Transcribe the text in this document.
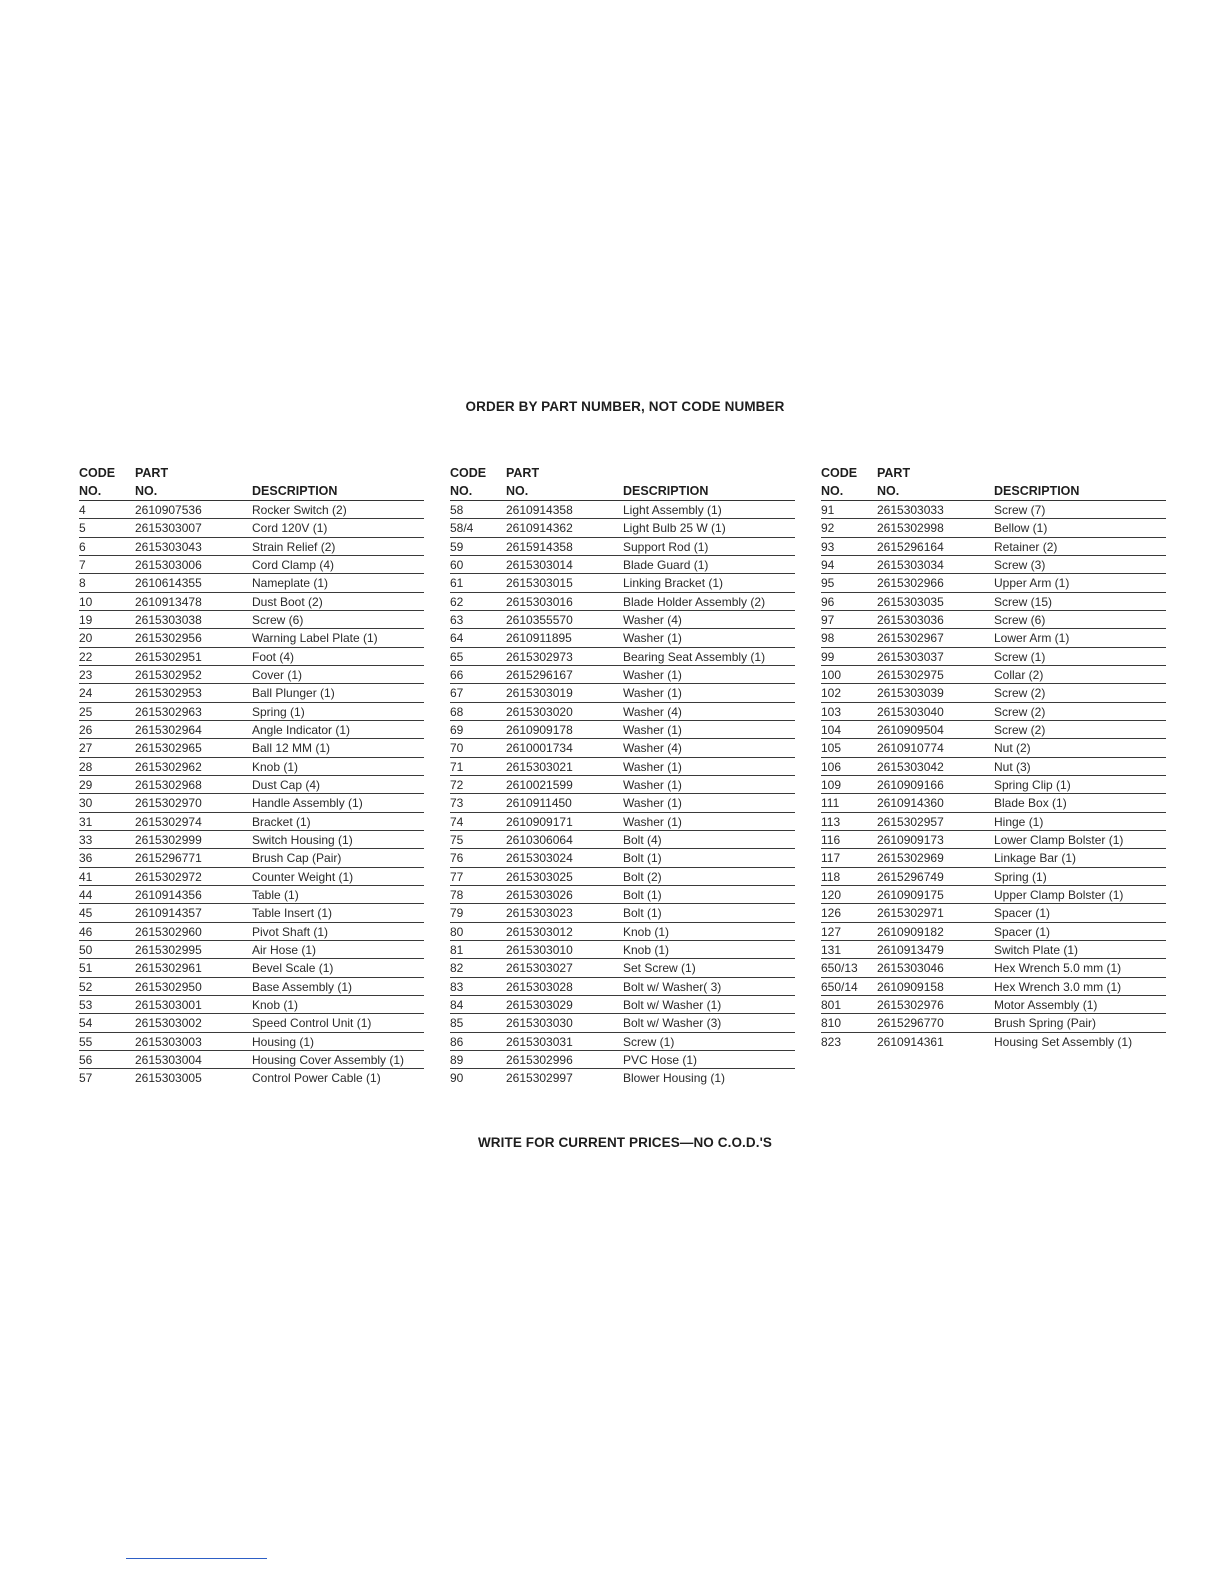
ORDER BY PART NUMBER, NOT CODE NUMBER
CODE
NO.
PART
NO.	DESCRIPTION
4	2610907536	Rocker Switch (2)
5	2615303007	Cord 120V (1)
6	2615303043	Strain Relief (2)
7	2615303006	Cord Clamp (4)
8	2610614355	Nameplate (1)
10	2610913478	Dust Boot (2)
19	2615303038	Screw (6)
20	2615302956	Warning Label Plate (1)
22	2615302951	Foot (4)
23	2615302952	Cover (1)
24	2615302953	Ball Plunger (1)
25	2615302963	Spring (1)
26	2615302964	Angle Indicator (1)
27	2615302965	Ball 12 MM (1)
28	2615302962	Knob (1)
29	2615302968	Dust Cap (4)
30	2615302970	Handle Assembly (1)
31	2615302974	Bracket (1)
33	2615302999	Switch Housing (1)
36	2615296771	Brush Cap (Pair)
41	2615302972	Counter Weight (1)
44	2610914356	Table (1)
45	2610914357	Table Insert (1)
46	2615302960	Pivot Shaft (1)
50	2615302995	Air Hose (1)
51	2615302961	Bevel Scale (1)
52	2615302950	Base Assembly (1)
53	2615303001	Knob (1)
54	2615303002	Speed Control Unit (1)
55	2615303003	Housing (1)
56	2615303004	Housing Cover Assembly (1)
57	2615303005	Control Power Cable (1)
CODE
NO.
PART
NO.	DESCRIPTION
58	2610914358	Light Assembly (1)
58/4	2610914362	Light Bulb 25 W (1)
59	2615914358	Support Rod (1)
60	2615303014	Blade Guard (1)
61	2615303015	Linking Bracket (1)
62	2615303016	Blade Holder Assembly (2)
63	2610355570	Washer (4)
64	2610911895	Washer (1)
65	2615302973	Bearing Seat Assembly (1)
66	2615296167	Washer (1)
67	2615303019	Washer (1)
68	2615303020	Washer (4)
69	2610909178	Washer (1)
70	2610001734	Washer (4)
71	2615303021	Washer (1)
72	2610021599	Washer (1)
73	2610911450	Washer (1)
74	2610909171	Washer (1)
75	2610306064	Bolt (4)
76	2615303024	Bolt (1)
77	2615303025	Bolt (2)
78	2615303026	Bolt (1)
79	2615303023	Bolt (1)
80	2615303012	Knob (1)
81	2615303010	Knob (1)
82	2615303027	Set Screw (1)
83	2615303028	Bolt w/ Washer( 3)
84	2615303029	Bolt w/ Washer (1)
85	2615303030	Bolt w/ Washer (3)
86	2615303031	Screw (1)
89	2615302996	PVC Hose (1)
90	2615302997	Blower Housing (1)
CODE
NO.
PART
NO.	DESCRIPTION
91	2615303033	Screw (7)
92	2615302998	Bellow (1)
93	2615296164	Retainer (2)
94	2615303034	Screw (3)
95	2615302966	Upper Arm (1)
96	2615303035	Screw (15)
97	2615303036	Screw (6)
98	2615302967	Lower Arm (1)
99	2615303037	Screw (1)
100	2615302975	Collar (2)
102	2615303039	Screw (2)
103	2615303040	Screw (2)
104	2610909504	Screw (2)
105	2610910774	Nut (2)
106	2615303042	Nut (3)
109	2610909166	Spring Clip (1)
111	2610914360	Blade Box (1)
113	2615302957	Hinge (1)
116	2610909173	Lower Clamp Bolster (1)
117	2615302969	Linkage Bar (1)
118	2615296749	Spring (1)
120	2610909175	Upper Clamp Bolster (1)
126	2615302971	Spacer (1)
127	2610909182	Spacer (1)
131	2610913479	Switch Plate (1)
650/13 2615303046	Hex Wrench 5.0 mm (1)
650/14 2610909158	Hex Wrench 3.0 mm (1)
801	2615302976	Motor Assembly (1)
810	2615296770	Brush Spring (Pair)
823	2610914361	Housing Set Assembly (1)
WRITE FOR CURRENT PRICES—NO C.O.D.'S
